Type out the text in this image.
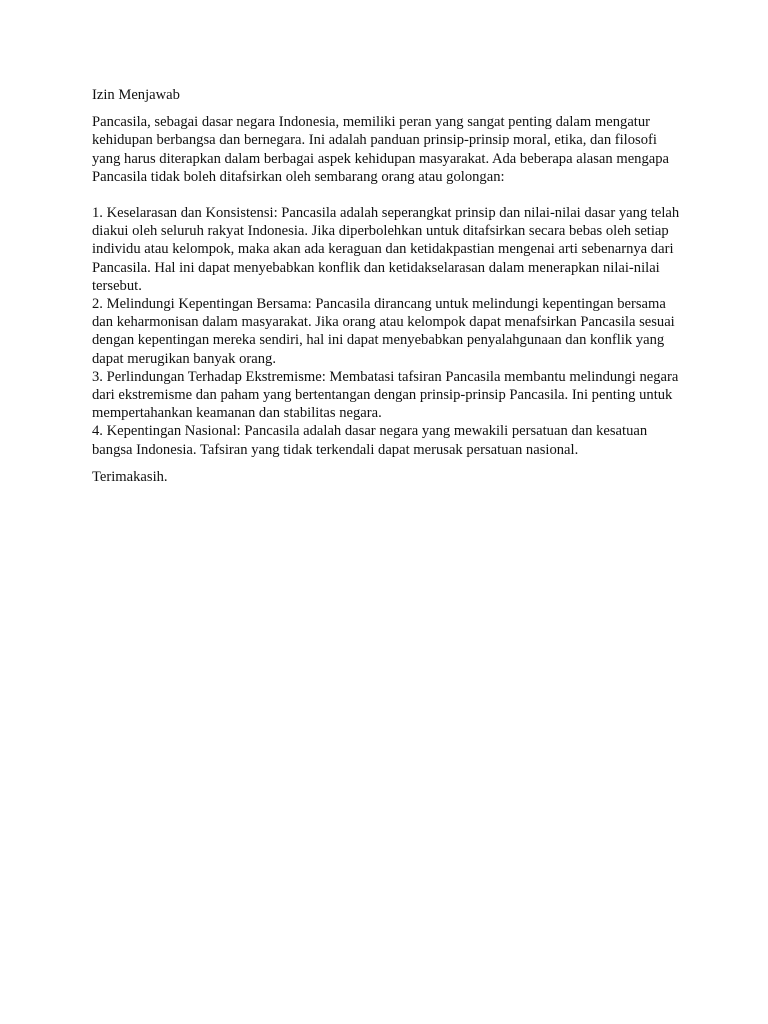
Izin Menjawab

Pancasila, sebagai dasar negara Indonesia, memiliki peran yang sangat penting dalam mengatur kehidupan berbangsa dan bernegara. Ini adalah panduan prinsip-prinsip moral, etika, dan filosofi yang harus diterapkan dalam berbagai aspek kehidupan masyarakat. Ada beberapa alasan mengapa Pancasila tidak boleh ditafsirkan oleh sembarang orang atau golongan:

1. Keselarasan dan Konsistensi: Pancasila adalah seperangkat prinsip dan nilai-nilai dasar yang telah diakui oleh seluruh rakyat Indonesia. Jika diperbolehkan untuk ditafsirkan secara bebas oleh setiap individu atau kelompok, maka akan ada keraguan dan ketidakpastian mengenai arti sebenarnya dari Pancasila. Hal ini dapat menyebabkan konflik dan ketidakselarasan dalam menerapkan nilai-nilai tersebut.

2. Melindungi Kepentingan Bersama: Pancasila dirancang untuk melindungi kepentingan bersama dan keharmonisan dalam masyarakat. Jika orang atau kelompok dapat menafsirkan Pancasila sesuai dengan kepentingan mereka sendiri, hal ini dapat menyebabkan penyalahgunaan dan konflik yang dapat merugikan banyak orang.

3. Perlindungan Terhadap Ekstremisme: Membatasi tafsiran Pancasila membantu melindungi negara dari ekstremisme dan paham yang bertentangan dengan prinsip-prinsip Pancasila. Ini penting untuk mempertahankan keamanan dan stabilitas negara.

4. Kepentingan Nasional: Pancasila adalah dasar negara yang mewakili persatuan dan kesatuan bangsa Indonesia. Tafsiran yang tidak terkendali dapat merusak persatuan nasional.

Terimakasih.
